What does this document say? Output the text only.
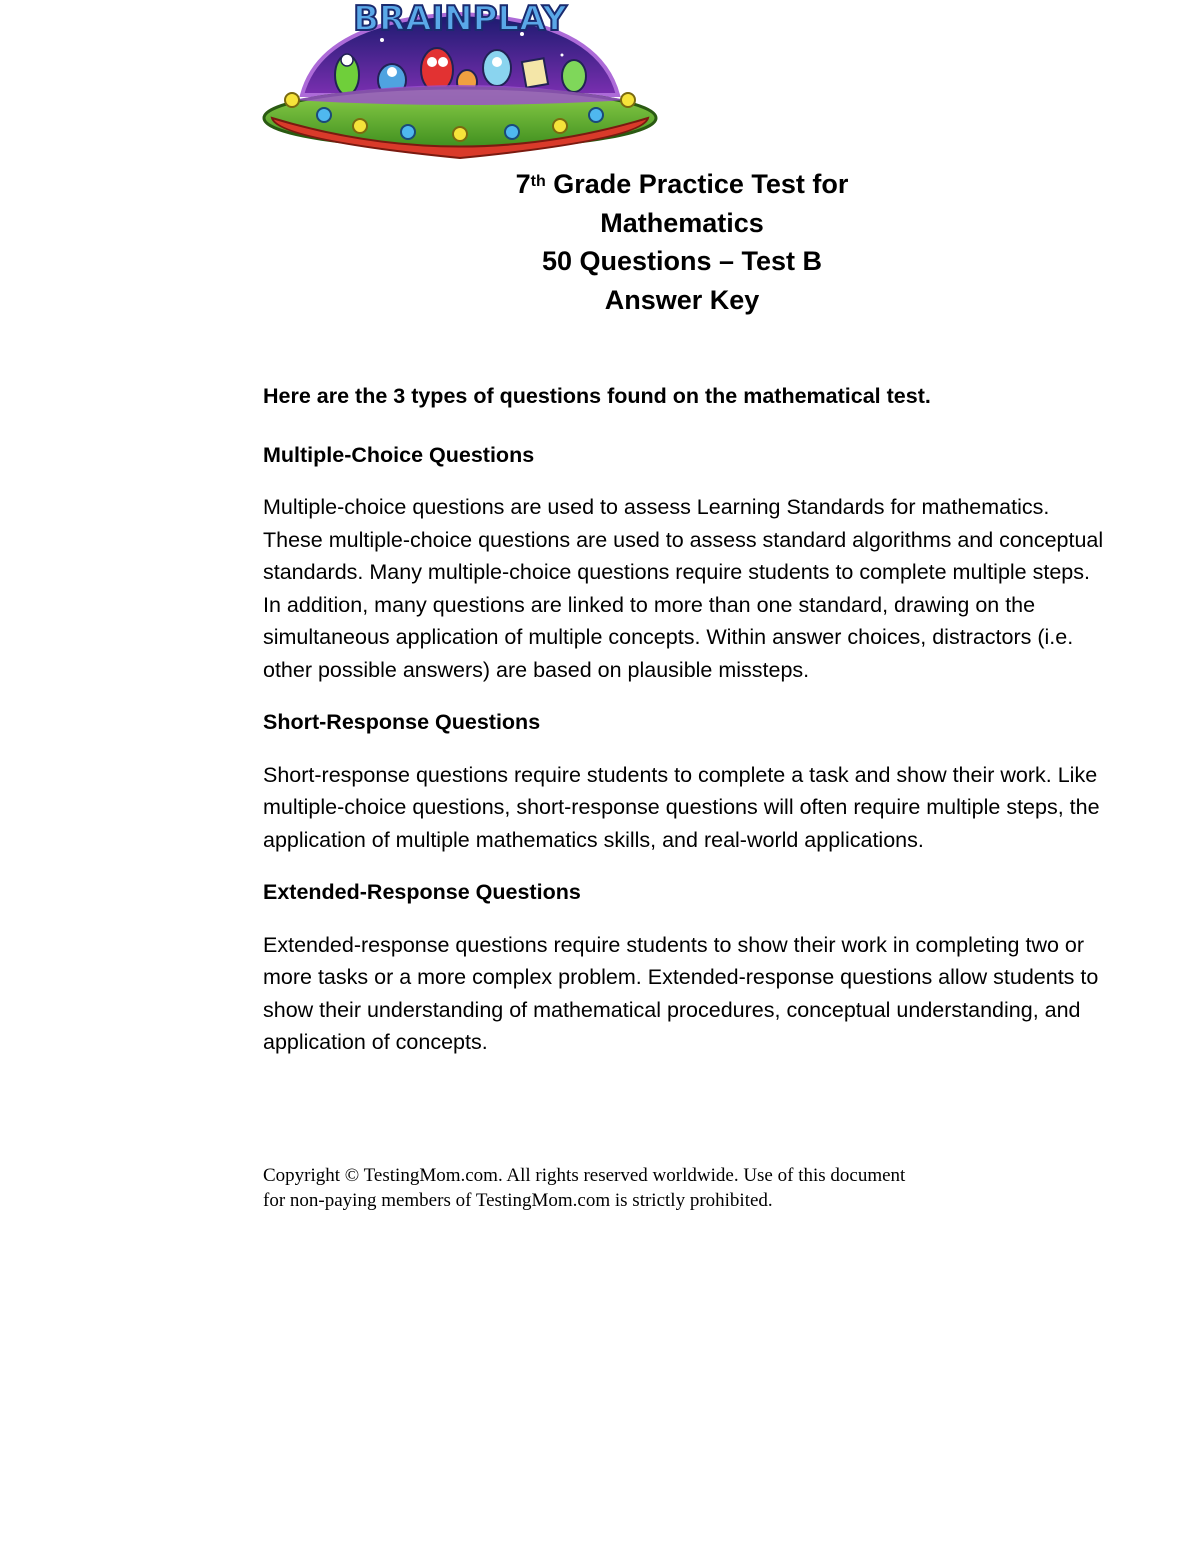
BRAINPLAY
7th Grade Practice Test for
Mathematics
50 Questions – Test B
Answer Key

Here are the 3 types of questions found on the mathematical test.

Multiple-Choice Questions

Multiple-choice questions are used to assess Learning Standards for mathematics. These multiple-choice questions are used to assess standard algorithms and conceptual standards. Many multiple-choice questions require students to complete multiple steps. In addition, many questions are linked to more than one standard, drawing on the simultaneous application of multiple concepts. Within answer choices, distractors (i.e. other possible answers) are based on plausible missteps.

Short-Response Questions

Short-response questions require students to complete a task and show their work. Like multiple-choice questions, short-response questions will often require multiple steps, the application of multiple mathematics skills, and real-world applications.

Extended-Response Questions

Extended-response questions require students to show their work in completing two or more tasks or a more complex problem. Extended-response questions allow students to show their understanding of mathematical procedures, conceptual understanding, and application of concepts.

Copyright © TestingMom.com. All rights reserved worldwide. Use of this document
for non-paying members of TestingMom.com is strictly prohibited.
